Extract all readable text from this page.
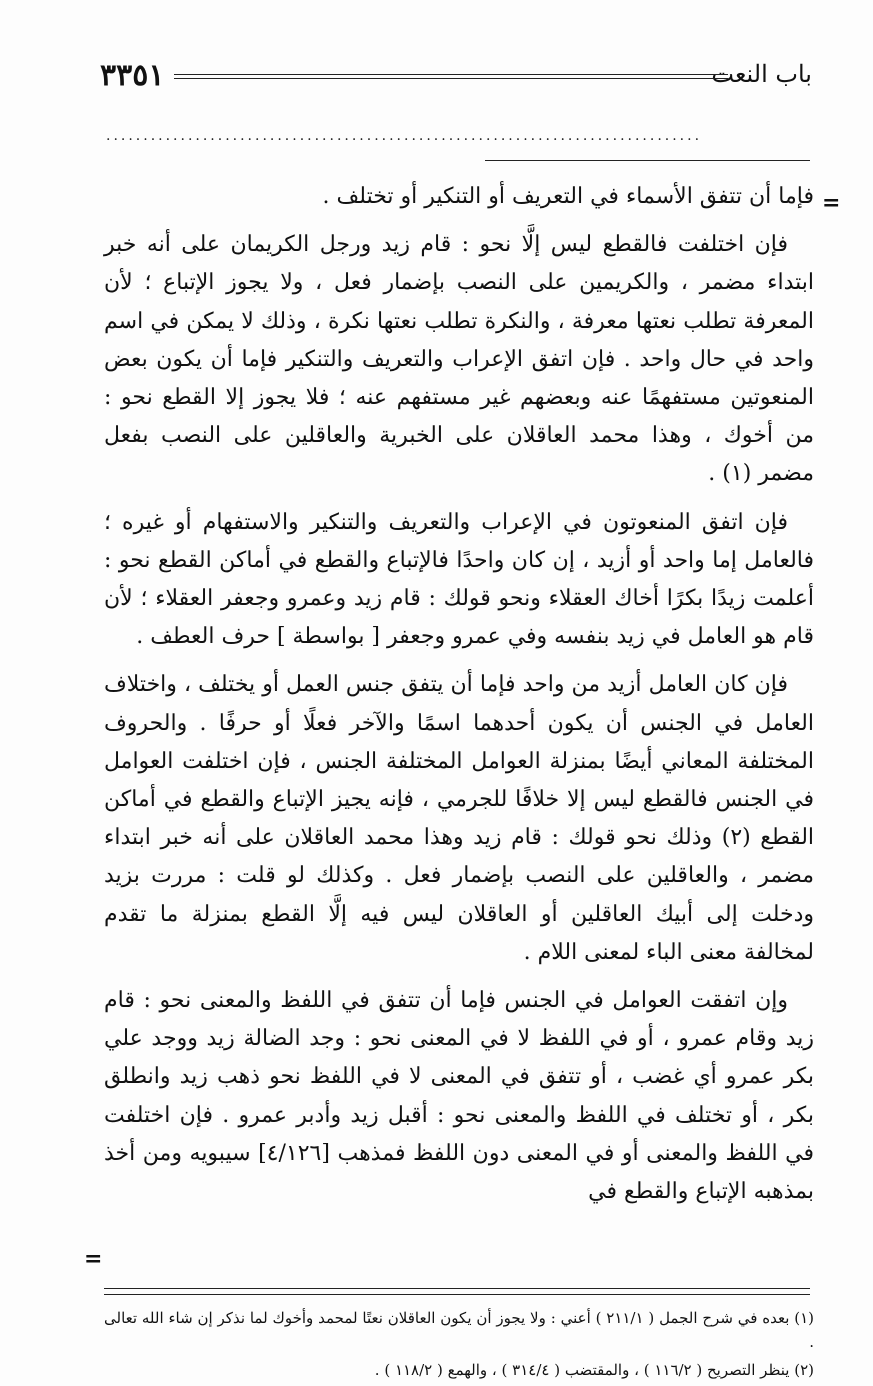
باب النعت
٣٣٥١
................................................................................
=

فإما أن تتفق الأسماء في التعريف أو التنكير أو تختلف .

فإن اختلفت فالقطع ليس إلَّا نحو : قام زيد ورجل الكريمان على أنه خبر ابتداء مضمر ، والكريمين على النصب بإضمار فعل ، ولا يجوز الإتباع ؛ لأن المعرفة تطلب نعتها معرفة ، والنكرة تطلب نعتها نكرة ، وذلك لا يمكن في اسم واحد في حال واحد . فإن اتفق الإعراب والتعريف والتنكير فإما أن يكون بعض المنعوتين مستفهمًا عنه وبعضهم غير مستفهم عنه ؛ فلا يجوز إلا القطع نحو : من أخوك ، وهذا محمد العاقلان على الخبرية والعاقلين على النصب بفعل مضمر (١) .

فإن اتفق المنعوتون في الإعراب والتعريف والتنكير والاستفهام أو غيره ؛ فالعامل إما واحد أو أزيد ، إن كان واحدًا فالإتباع والقطع في أماكن القطع نحو : أعلمت زيدًا بكرًا أخاك العقلاء ونحو قولك : قام زيد وعمرو وجعفر العقلاء ؛ لأن قام هو العامل في زيد بنفسه وفي عمرو وجعفر [ بواسطة ] حرف العطف .

فإن كان العامل أزيد من واحد فإما أن يتفق جنس العمل أو يختلف ، واختلاف العامل في الجنس أن يكون أحدهما اسمًا والآخر فعلًا أو حرفًا . والحروف المختلفة المعاني أيضًا بمنزلة العوامل المختلفة الجنس ، فإن اختلفت العوامل في الجنس فالقطع ليس إلا خلافًا للجرمي ، فإنه يجيز الإتباع والقطع في أماكن القطع (٢) وذلك نحو قولك : قام زيد وهذا محمد العاقلان على أنه خبر ابتداء مضمر ، والعاقلين على النصب بإضمار فعل . وكذلك لو قلت : مررت بزيد ودخلت إلى أبيك العاقلين أو العاقلان ليس فيه إلَّا القطع بمنزلة ما تقدم لمخالفة معنى الباء لمعنى اللام .

وإن اتفقت العوامل في الجنس فإما أن تتفق في اللفظ والمعنى نحو : قام زيد وقام عمرو ، أو في اللفظ لا في المعنى نحو : وجد الضالة زيد ووجد علي بكر عمرو أي غضب ، أو تتفق في المعنى لا في اللفظ نحو ذهب زيد وانطلق بكر ، أو تختلف في اللفظ والمعنى نحو : أقبل زيد وأدبر عمرو . فإن اختلفت في اللفظ والمعنى أو في المعنى دون اللفظ فمذهب [٤/١٢٦] سيبويه ومن أخذ بمذهبه الإتباع والقطع في

=

(١) بعده في شرح الجمل ( ٢١١/١ ) أعني : ولا يجوز أن يكون العاقلان نعتًا لمحمد وأخوك لما نذكر إن شاء الله تعالى .

(٢) ينظر التصريح ( ١١٦/٢ ) ، والمقتضب ( ٣١٤/٤ ) ، والهمع ( ١١٨/٢ ) .
